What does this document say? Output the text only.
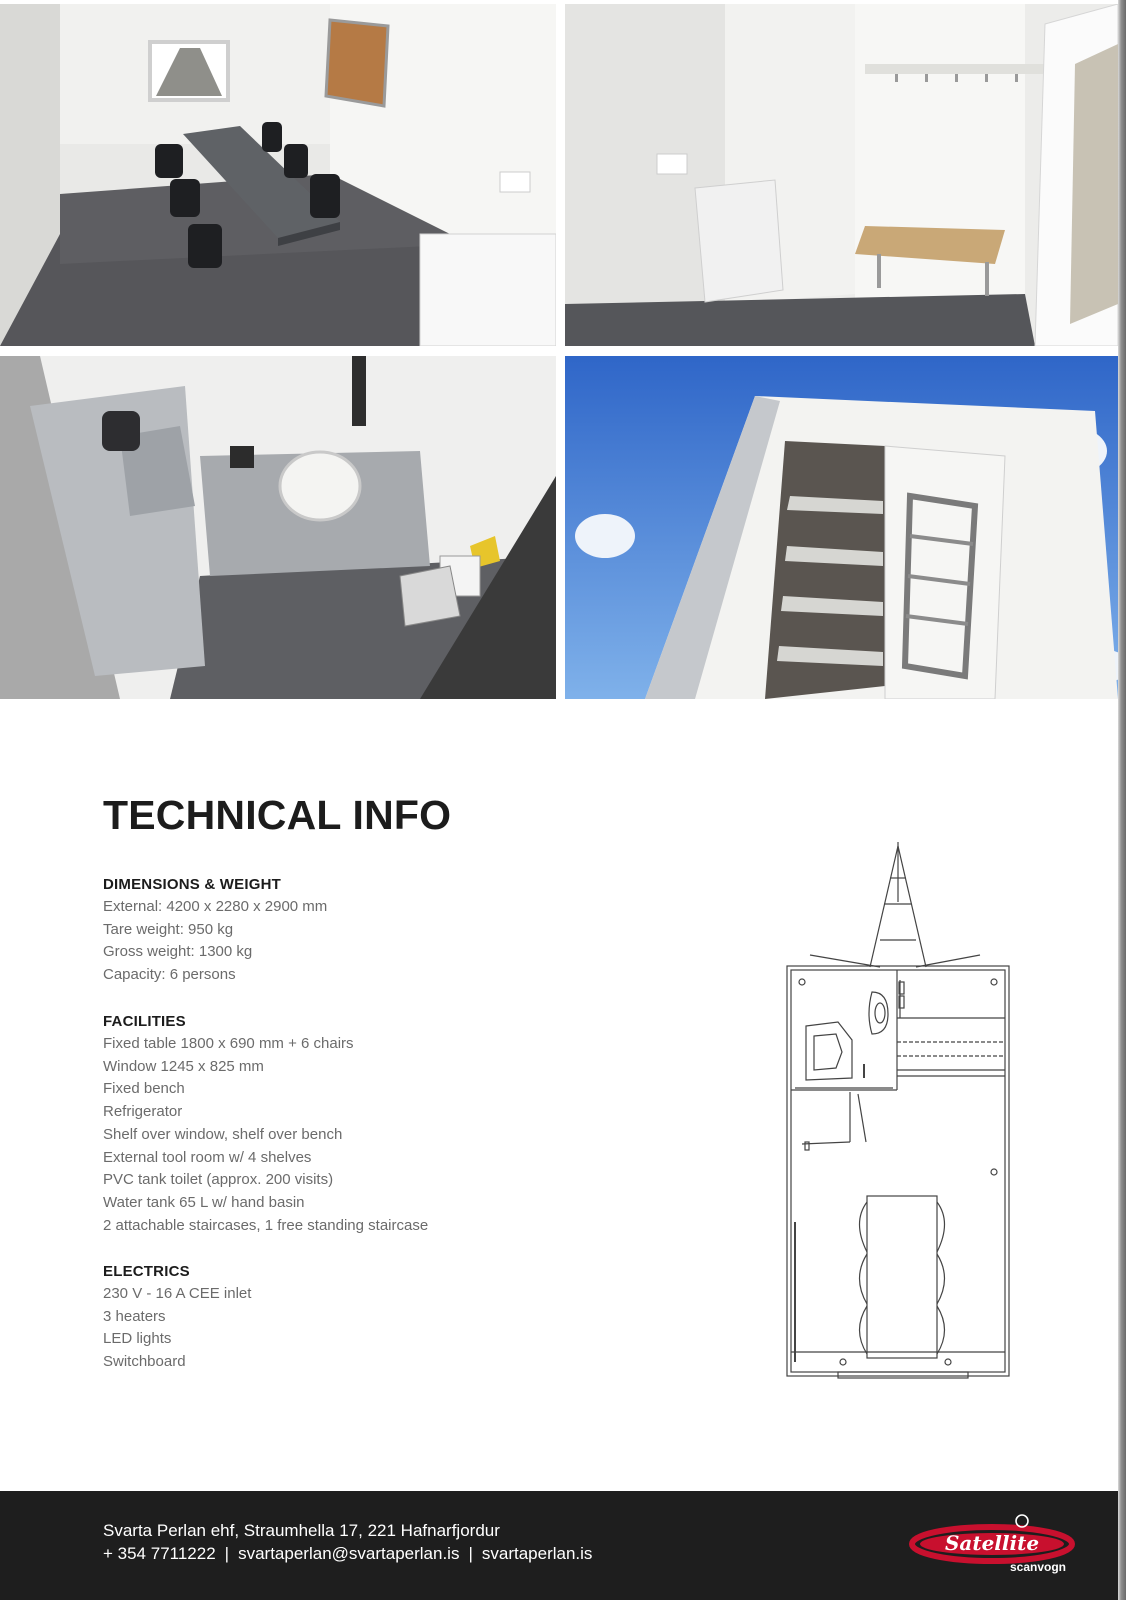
TECHNICAL INFO
DIMENSIONS & WEIGHT
External: 4200 x 2280 x 2900 mm
Tare weight: 950 kg
Gross weight: 1300 kg
Capacity: 6 persons
FACILITIES
Fixed table 1800 x 690 mm + 6 chairs
Window 1245 x 825 mm
Fixed bench
Refrigerator
Shelf over window, shelf over bench
External tool room w/ 4 shelves
PVC tank toilet (approx. 200 visits)
Water tank 65 L w/ hand basin
2 attachable staircases, 1 free standing staircase
ELECTRICS
230 V - 16 A CEE inlet
3 heaters
LED lights
Switchboard
Svarta Perlan ehf, Straumhella 17, 221 Hafnarfjordur
+ 354 7711222 | svartaperlan@svartaperlan.is | svartaperlan.is	Satellite
scanvogn
